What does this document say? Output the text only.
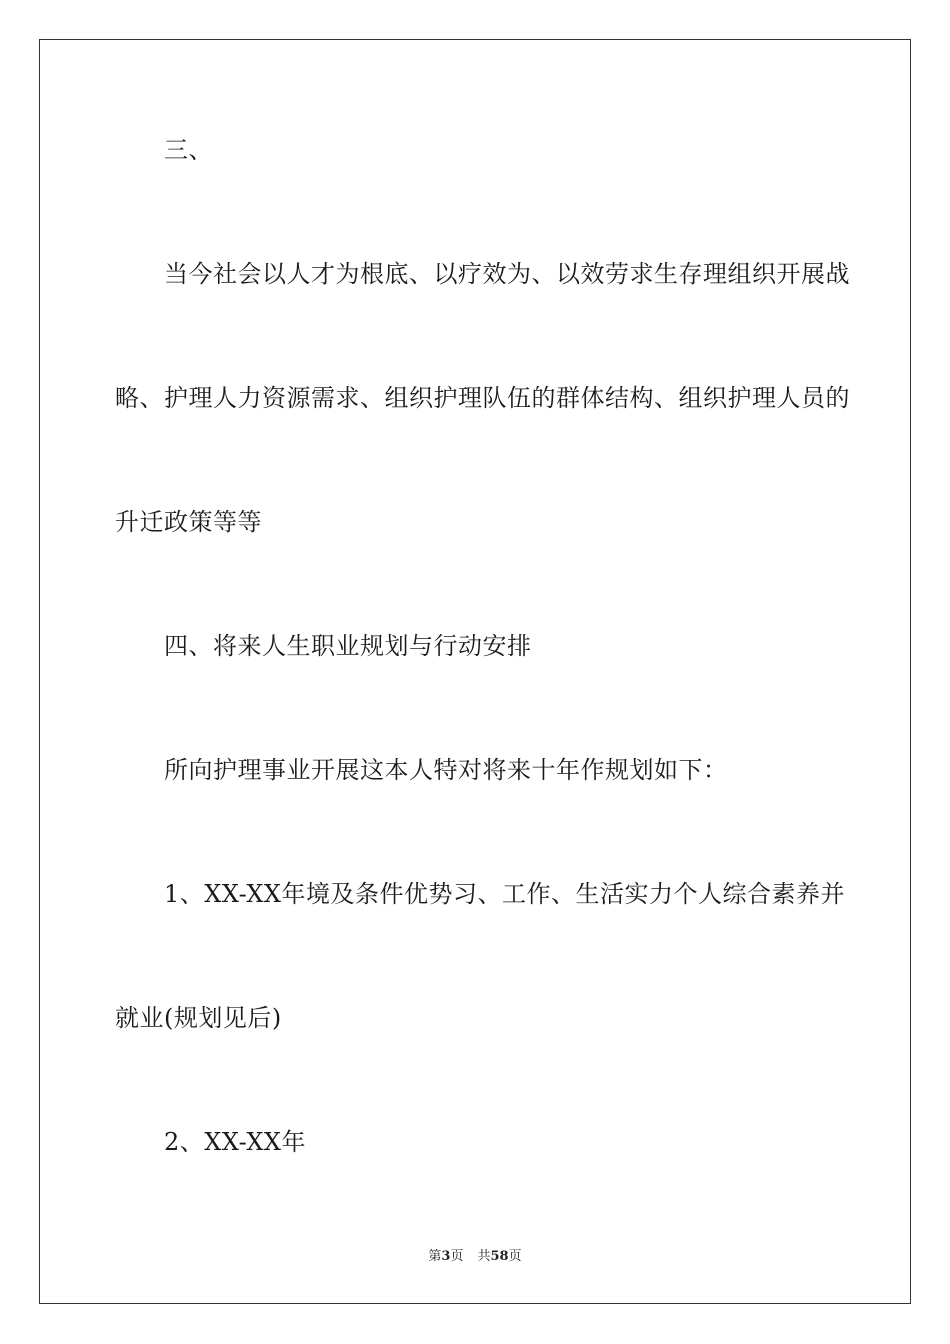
三、
当今社会以人才为根底、以疗效为、以效劳求生存理组织开展战
略、护理人力资源需求、组织护理队伍的群体结构、组织护理人员的
升迁政策等等
四、将来人生职业规划与行动安排
所向护理事业开展这本人特对将来十年作规划如下：
1、XX-XX年境及条件优势习、工作、生活实力个人综合素养并
就业(规划见后)
2、XX-XX年
第3页 共58页
